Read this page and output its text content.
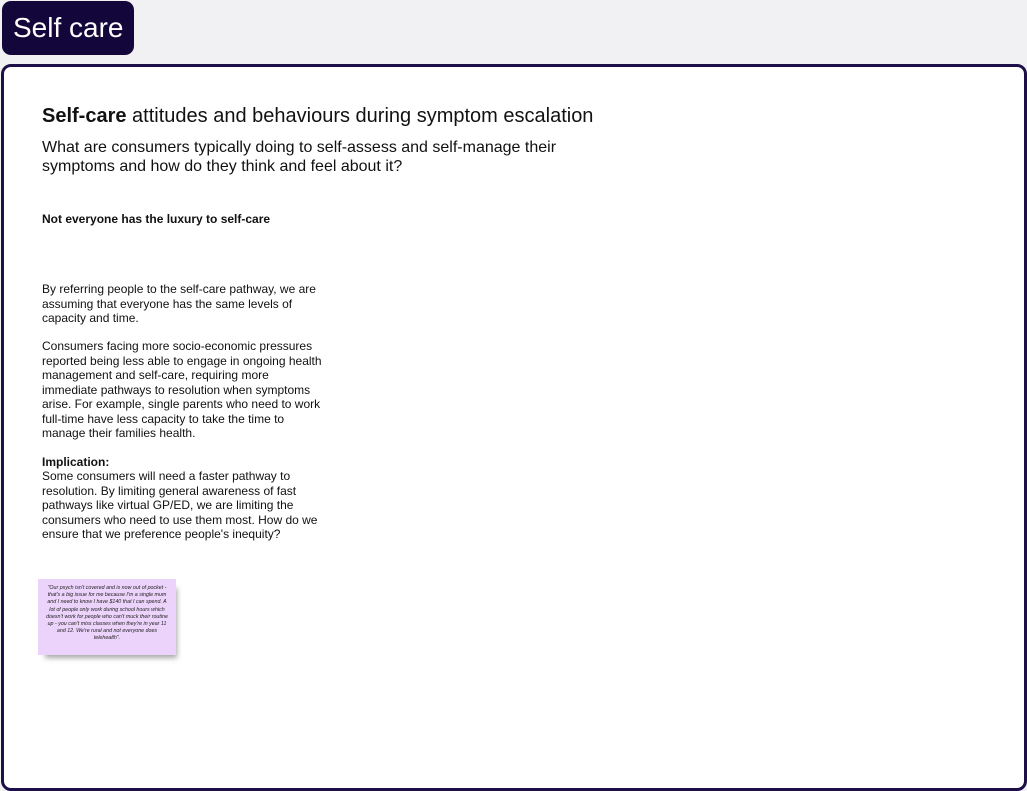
Self care
Self-care attitudes and behaviours during symptom escalation
What are consumers typically doing to self-assess and self-manage their symptoms and how do they think and feel about it?
Not everyone has the luxury to self-care

By referring people to the self-care pathway, we are assuming that everyone has the same levels of capacity and time.

Consumers facing more socio-economic pressures reported being less able to engage in ongoing health management and self-care, requiring more immediate pathways to resolution when symptoms arise. For example, single parents who need to work full-time have less capacity to take the time to manage their families health.

Implication:

Some consumers will need a faster pathway to resolution. By limiting general awareness of fast pathways like virtual GP/ED, we are limiting the consumers who need to use them most. How do we ensure that we preference people's inequity?

"Our psych isn't covered and is now out of pocket - that's a big issue for me because I'm a single mum and I need to know I have $140 that I can spend. A lot of people only work during school hours which doesn't work for people who can't muck their routine up - you can't miss classes when they're in year 11 and 12. We're rural and not everyone does telehealth".
